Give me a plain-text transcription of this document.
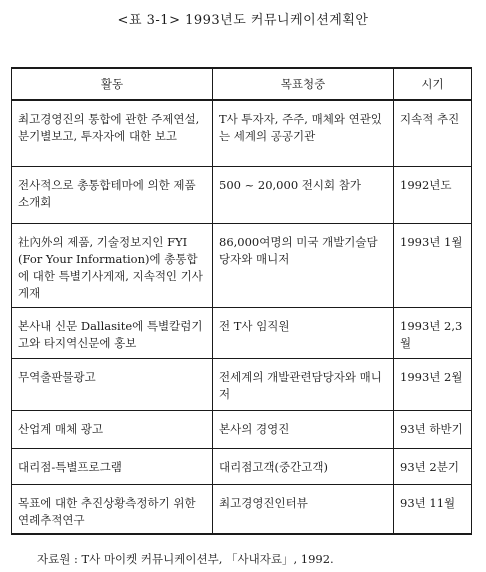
<표 3-1> 1993년도 커뮤니케이션계획안
활동	목표청중	시기
최고경영진의 통합에 관한 주제연설, 분기별보고, 투자자에 대한 보고	T사 투자자, 주주, 매체와 연관있는 세계의 공공기관	지속적 추진
전사적으로 총통합테마에 의한 제품소개회	500 ~ 20,000 전시회 참가	1992년도
社內外의 제품, 기술정보지인 FYI (For Your Information)에 총통합에 대한 특별기사게재, 지속적인 기사게재	86,000여명의 미국 개발기술담당자와 매니저	1993년 1월
본사내 신문 Dallasite에 특별칼럼기고와 타지역신문에 홍보	전 T사 임직원	1993년 2,3월
무역출판물광고	전세계의 개발관련담당자와 매니저	1993년 2월
산업계 매체 광고	본사의 경영진	93년 하반기
대리점-특별프로그램	대리점고객(중간고객)	93년 2분기
목표에 대한 추진상황측정하기 위한 연례추적연구	최고경영진인터뷰	93년 11월
자료원 : T사 마이켓 커뮤니케이션부, 「사내자료」, 1992.
